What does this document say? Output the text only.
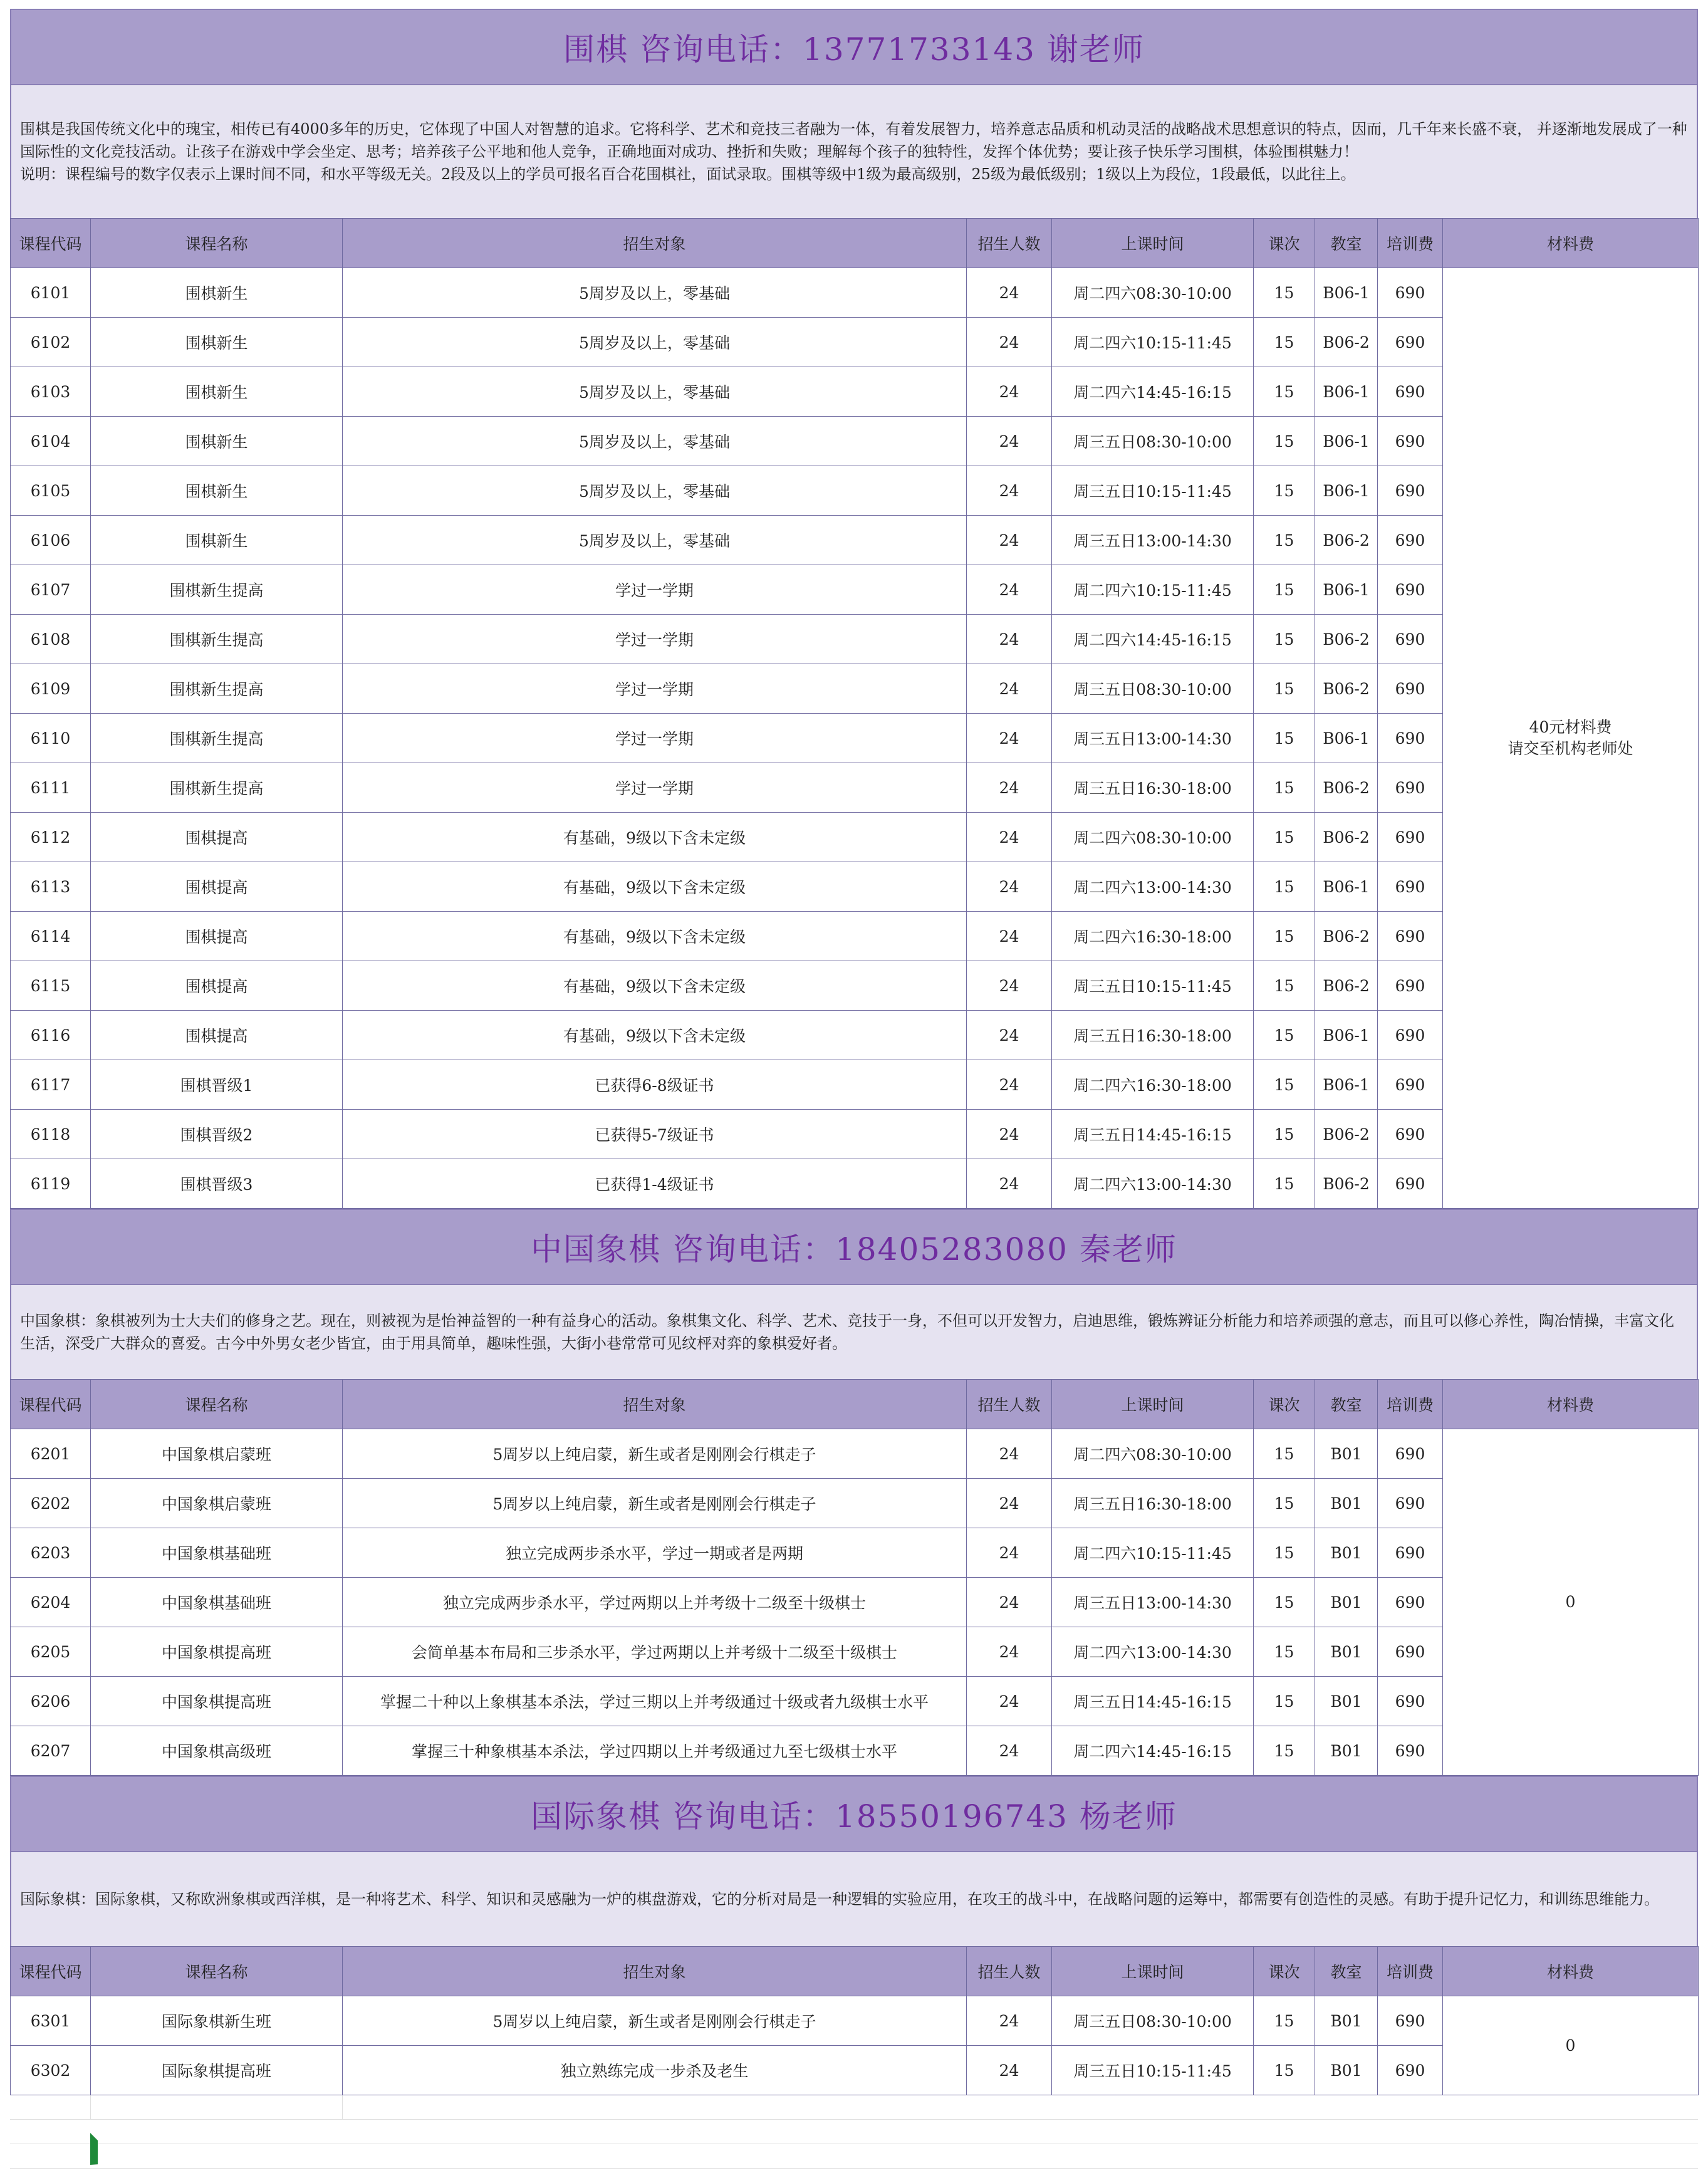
围棋 咨询电话：13771733143 谢老师
围棋是我国传统文化中的瑰宝，相传已有4000多年的历史，它体现了中国人对智慧的追求。它将科学、艺术和竞技三者融为一体，有着发展智力，培养意志品质和机动灵活的战略战术思想意识的特点，因而，几千年来长盛不衰， 并逐渐地发展成了一种国际性的文化竞技活动。让孩子在游戏中学会坐定、思考；培养孩子公平地和他人竞争，正确地面对成功、挫折和失败；理解每个孩子的独特性，发挥个体优势；要让孩子快乐学习围棋，体验围棋魅力！
说明：课程编号的数字仅表示上课时间不同，和水平等级无关。2段及以上的学员可报名百合花围棋社，面试录取。围棋等级中1级为最高级别，25级为最低级别；1级以上为段位，1段最低，以此往上。
课程代码	课程名称	招生对象	招生人数	上课时间	课次	教室	培训费	材料费
6101	围棋新生	5周岁及以上，零基础	24	周二四六08:30-10:00	15	B06-1	690	40元材料费
请交至机构老师处

6102	围棋新生	5周岁及以上，零基础	24	周二四六10:15-11:45	15	B06-2	690	
6103	围棋新生	5周岁及以上，零基础	24	周二四六14:45-16:15	15	B06-1	690	
6104	围棋新生	5周岁及以上，零基础	24	周三五日08:30-10:00	15	B06-1	690	
6105	围棋新生	5周岁及以上，零基础	24	周三五日10:15-11:45	15	B06-1	690	
6106	围棋新生	5周岁及以上，零基础	24	周三五日13:00-14:30	15	B06-2	690	
6107	围棋新生提高	学过一学期	24	周二四六10:15-11:45	15	B06-1	690	
6108	围棋新生提高	学过一学期	24	周二四六14:45-16:15	15	B06-2	690	
6109	围棋新生提高	学过一学期	24	周三五日08:30-10:00	15	B06-2	690	
6110	围棋新生提高	学过一学期	24	周三五日13:00-14:30	15	B06-1	690	
6111	围棋新生提高	学过一学期	24	周三五日16:30-18:00	15	B06-2	690	
6112	围棋提高	有基础，9级以下含未定级	24	周二四六08:30-10:00	15	B06-2	690	
6113	围棋提高	有基础，9级以下含未定级	24	周二四六13:00-14:30	15	B06-1	690	
6114	围棋提高	有基础，9级以下含未定级	24	周二四六16:30-18:00	15	B06-2	690	
6115	围棋提高	有基础，9级以下含未定级	24	周三五日10:15-11:45	15	B06-2	690	
6116	围棋提高	有基础，9级以下含未定级	24	周三五日16:30-18:00	15	B06-1	690	
6117	围棋晋级1	已获得6-8级证书	24	周二四六16:30-18:00	15	B06-1	690	
6118	围棋晋级2	已获得5-7级证书	24	周三五日14:45-16:15	15	B06-2	690	
6119	围棋晋级3	已获得1-4级证书	24	周二四六13:00-14:30	15	B06-2	690	
中国象棋 咨询电话：18405283080 秦老师
中国象棋：象棋被列为士大夫们的修身之艺。现在，则被视为是怡神益智的一种有益身心的活动。象棋集文化、科学、艺术、竞技于一身，不但可以开发智力，启迪思维，锻炼辨证分析能力和培养顽强的意志，而且可以修心养性，陶冶情操，丰富文化生活，深受广大群众的喜爱。古今中外男女老少皆宜，由于用具简单，趣味性强，大街小巷常常可见纹枰对弈的象棋爱好者。
课程代码	课程名称	招生对象	招生人数	上课时间	课次	教室	培训费	材料费
6201	中国象棋启蒙班	5周岁以上纯启蒙，新生或者是刚刚会行棋走子	24	周二四六08:30-10:00	15	B01	690	0

6202	中国象棋启蒙班	5周岁以上纯启蒙，新生或者是刚刚会行棋走子	24	周三五日16:30-18:00	15	B01	690	
6203	中国象棋基础班	独立完成两步杀水平，学过一期或者是两期	24	周二四六10:15-11:45	15	B01	690	
6204	中国象棋基础班	独立完成两步杀水平，学过两期以上并考级十二级至十级棋士	24	周三五日13:00-14:30	15	B01	690	
6205	中国象棋提高班	会简单基本布局和三步杀水平，学过两期以上并考级十二级至十级棋士	24	周二四六13:00-14:30	15	B01	690	
6206	中国象棋提高班	掌握二十种以上象棋基本杀法，学过三期以上并考级通过十级或者九级棋士水平	24	周三五日14:45-16:15	15	B01	690	
6207	中国象棋高级班	掌握三十种象棋基本杀法，学过四期以上并考级通过九至七级棋士水平	24	周二四六14:45-16:15	15	B01	690	
国际象棋 咨询电话：18550196743 杨老师
国际象棋：国际象棋，又称欧洲象棋或西洋棋，是一种将艺术、科学、知识和灵感融为一炉的棋盘游戏，它的分析对局是一种逻辑的实验应用，在攻王的战斗中，在战略问题的运筹中，都需要有创造性的灵感。有助于提升记忆力，和训练思维能力。
课程代码	课程名称	招生对象	招生人数	上课时间	课次	教室	培训费	材料费
6301	国际象棋新生班	5周岁以上纯启蒙，新生或者是刚刚会行棋走子	24	周三五日08:30-10:00	15	B01	690	0

6302	国际象棋提高班	独立熟练完成一步杀及老生	24	周三五日10:15-11:45	15	B01	690	
